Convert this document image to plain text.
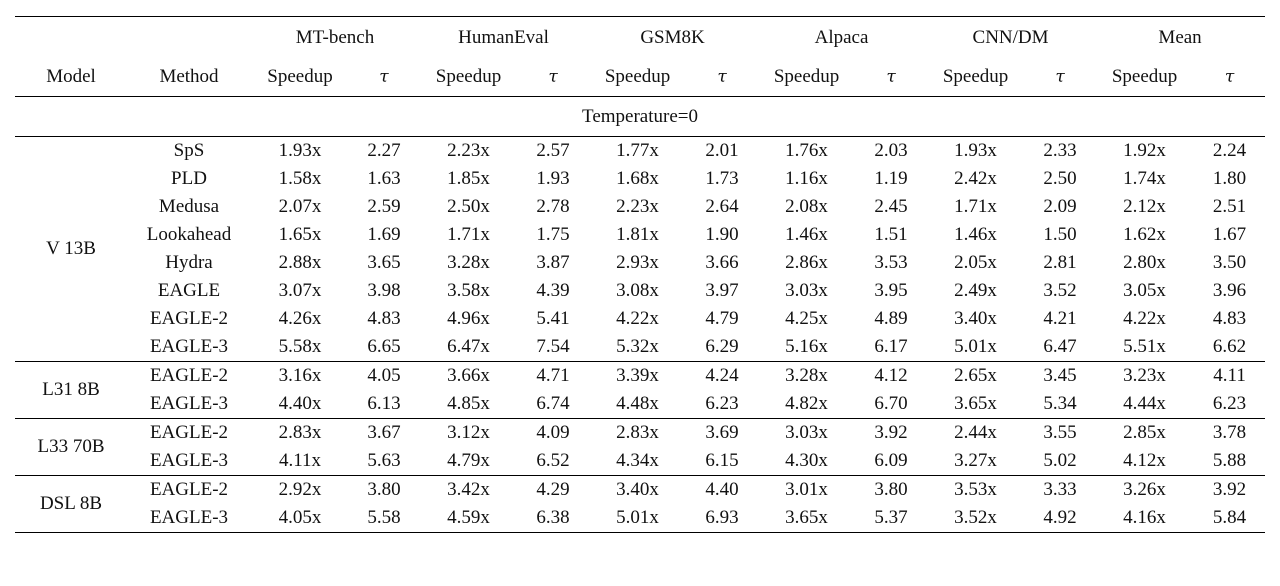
		MT-bench		HumanEval		GSM8K		Alpaca		CNN/DM		Mean	
Model	Method	Speedup	τ	Speedup	τ	Speedup	τ	Speedup	τ	Speedup	τ	Speedup	τ
Temperature=0													
V 13B	SpS	1.93x	2.27	2.23x	2.57	1.77x	2.01	1.76x	2.03	1.93x	2.33	1.92x	2.24
	PLD	1.58x	1.63	1.85x	1.93	1.68x	1.73	1.16x	1.19	2.42x	2.50	1.74x	1.80
	Medusa	2.07x	2.59	2.50x	2.78	2.23x	2.64	2.08x	2.45	1.71x	2.09	2.12x	2.51
	Lookahead	1.65x	1.69	1.71x	1.75	1.81x	1.90	1.46x	1.51	1.46x	1.50	1.62x	1.67
	Hydra	2.88x	3.65	3.28x	3.87	2.93x	3.66	2.86x	3.53	2.05x	2.81	2.80x	3.50
	EAGLE	3.07x	3.98	3.58x	4.39	3.08x	3.97	3.03x	3.95	2.49x	3.52	3.05x	3.96
	EAGLE-2	4.26x	4.83	4.96x	5.41	4.22x	4.79	4.25x	4.89	3.40x	4.21	4.22x	4.83
	EAGLE-3	5.58x	6.65	6.47x	7.54	5.32x	6.29	5.16x	6.17	5.01x	6.47	5.51x	6.62
L31 8B	EAGLE-2	3.16x	4.05	3.66x	4.71	3.39x	4.24	3.28x	4.12	2.65x	3.45	3.23x	4.11
	EAGLE-3	4.40x	6.13	4.85x	6.74	4.48x	6.23	4.82x	6.70	3.65x	5.34	4.44x	6.23
L33 70B	EAGLE-2	2.83x	3.67	3.12x	4.09	2.83x	3.69	3.03x	3.92	2.44x	3.55	2.85x	3.78
	EAGLE-3	4.11x	5.63	4.79x	6.52	4.34x	6.15	4.30x	6.09	3.27x	5.02	4.12x	5.88
DSL 8B	EAGLE-2	2.92x	3.80	3.42x	4.29	3.40x	4.40	3.01x	3.80	3.53x	3.33	3.26x	3.92
	EAGLE-3	4.05x	5.58	4.59x	6.38	5.01x	6.93	3.65x	5.37	3.52x	4.92	4.16x	5.84
